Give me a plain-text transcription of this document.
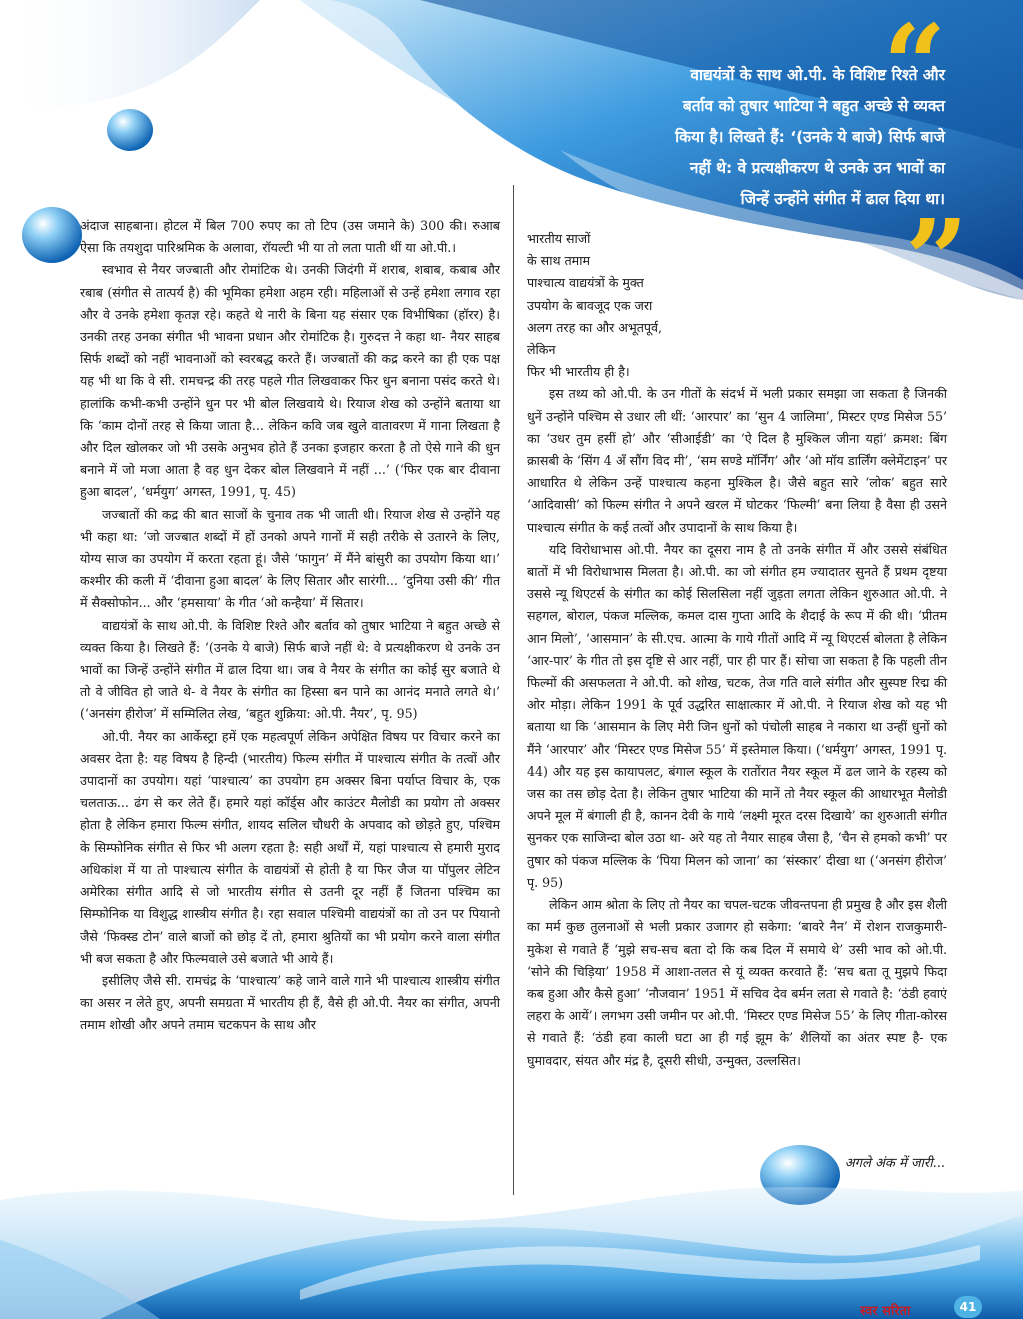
“

वाद्ययंत्रों के साथ ओ.पी. के विशिष्ट रिश्ते और

बर्ताव को तुषार भाटिया ने बहुत अच्छे से व्यक्त

किया है। लिखते हैं: ‘(उनके ये बाजे) सिर्फ बाजे

नहीं थे: वे प्रत्यक्षीकरण थे उनके उन भावों का

जिन्हें उन्होंने संगीत में ढाल दिया था।

”

अंदाज साहबाना। होटल में बिल 700 रुपए का तो टिप (उस जमाने के) 300 की। रुआब ऐसा कि तयशुदा पारिश्रमिक के अलावा, रॉयल्टी भी या तो लता पाती थीं या ओ.पी.।

स्वभाव से नैयर जज्बाती और रोमांटिक थे। उनकी जिदंगी में शराब, शबाब, कबाब और रबाब (संगीत से तात्पर्य है) की भूमिका हमेशा अहम रही। महिलाओं से उन्हें हमेशा लगाव रहा और वे उनके हमेशा कृतज्ञ रहे। कहते थे नारी के बिना यह संसार एक विभीषिका (हॉरर) है। उनकी तरह उनका संगीत भी भावना प्रधान और रोमांटिक है। गुरुदत्त ने कहा था- नैयर साहब सिर्फ शब्दों को नहीं भावनाओं को स्वरबद्ध करते हैं। जज्बातों की कद्र करने का ही एक पक्ष यह भी था कि वे सी. रामचन्द्र की तरह पहले गीत लिखवाकर फिर धुन बनाना पसंद करते थे। हालांकि कभी-कभी उन्होंने धुन पर भी बोल लिखवाये थे। रियाज शेख को उन्होंने बताया था कि ‘काम दोनों तरह से किया जाता है... लेकिन कवि जब खुले वातावरण में गाना लिखता है और दिल खोलकर जो भी उसके अनुभव होते हैं उनका इजहार करता है तो ऐसे गाने की धुन बनाने में जो मजा आता है वह धुन देकर बोल लिखवाने में नहीं ...’ (‘फिर एक बार दीवाना हुआ बादल’, ‘धर्मयुग’ अगस्त, 1991, पृ. 45)

जज्बातों की कद्र की बात साजों के चुनाव तक भी जाती थी। रियाज शेख से उन्होंने यह भी कहा था: ‘जो जज्बात शब्दों में हों उनको अपने गानों में सही तरीके से उतारने के लिए, योग्य साज का उपयोग में करता रहता हूं। जैसे ‘फागुन’ में मैंने बांसुरी का उपयोग किया था।’ कश्मीर की कली में ‘दीवाना हुआ बादल’ के लिए सितार और सारंगी... ‘दुनिया उसी की’ गीत में सैक्सोफोन... और ‘हमसाया’ के गीत ‘ओ कन्हैया’ में सितार।

वाद्ययंत्रों के साथ ओ.पी. के विशिष्ट रिश्ते और बर्ताव को तुषार भाटिया ने बहुत अच्छे से व्यक्त किया है। लिखते हैं: ‘(उनके ये बाजे) सिर्फ बाजे नहीं थे: वे प्रत्यक्षीकरण थे उनके उन भावों का जिन्हें उन्होंने संगीत में ढाल दिया था। जब वे नैयर के संगीत का कोई सुर बजाते थे तो वे जीवित हो जाते थे- वे नैयर के संगीत का हिस्सा बन पाने का आनंद मनाते लगते थे।’ (‘अनसंग हीरोज’ में सम्मिलित लेख, ‘बहुत शुक्रिया: ओ.पी. नैयर’, पृ. 95)

ओ.पी. नैयर का आर्केस्ट्रा हमें एक महत्वपूर्ण लेकिन अपेक्षित विषय पर विचार करने का अवसर देता है: यह विषय है हिन्दी (भारतीय) फिल्म संगीत में पाश्चात्य संगीत के तत्वों और उपादानों का उपयोग। यहां ‘पाश्चात्य’ का उपयोग हम अक्सर बिना पर्याप्त विचार के, एक चलताऊ... ढंग से कर लेते हैं। हमारे यहां कॉर्ड्स और काउंटर मैलोडी का प्रयोग तो अक्सर होता है लेकिन हमारा फिल्म संगीत, शायद सलिल चौधरी के अपवाद को छोड़ते हुए, पश्चिम के सिम्फोनिक संगीत से फिर भी अलग रहता है: सही अर्थों में, यहां पाश्चात्य से हमारी मुराद अधिकांश में या तो पाश्चात्य संगीत के वाद्ययंत्रों से होती है या फिर जैज या पॉपुलर लेटिन अमेरिका संगीत आदि से जो भारतीय संगीत से उतनी दूर नहीं हैं जितना पश्चिम का सिम्फोनिक या विशुद्ध शास्त्रीय संगीत है। रहा सवाल पश्चिमी वाद्ययंत्रों का तो उन पर पियानो जैसे ‘फिक्स्ड टोन’ वाले बाजों को छोड़ दें तो, हमारा श्रुतियों का भी प्रयोग करने वाला संगीत भी बज सकता है और फिल्मवाले उसे बजाते भी आये हैं।

इसीलिए जैसे सी. रामचंद्र के ‘पाश्चात्य’ कहे जाने वाले गाने भी पाश्चात्य शास्त्रीय संगीत का असर न लेते हुए, अपनी समग्रता में भारतीय ही हैं, वैसे ही ओ.पी. नैयर का संगीत, अपनी तमाम शोखी और अपने तमाम चटकपन के साथ और

भारतीय साजों

के साथ तमाम

पाश्चात्य वाद्ययंत्रों के मुक्त

उपयोग के बावजूद एक जरा

अलग तरह का और अभूतपूर्व, लेकिन

फिर भी भारतीय ही है।

इस तथ्य को ओ.पी. के उन गीतों के संदर्भ में भली प्रकार समझा जा सकता है जिनकी धुनें उन्होंने पश्चिम से उधार ली थीं: ‘आरपार’ का ‘सुन 4 जालिमा’, मिस्टर एण्ड मिसेज 55’ का ‘उधर तुम हसीं हो’ और ‘सीआईडी’ का ‘ऐ दिल है मुश्किल जीना यहां’ क्रमश: बिंग क्रासबी के ‘सिंग 4 अँ सौंग विद मी’, ‘सम सण्डे मॉर्निंग’ और ‘ओ मॉय डार्लिंग क्लेमेंटाइन’ पर आधारित थे लेकिन उन्हें पाश्चात्य कहना मुश्किल है। जैसे बहुत सारे ‘लोक’ बहुत सारे ‘आदिवासी’ को फिल्म संगीत ने अपने खरल में घोटकर ‘फिल्मी’ बना लिया है वैसा ही उसने पाश्चात्य संगीत के कई तत्वों और उपादानों के साथ किया है।

यदि विरोधाभास ओ.पी. नैयर का दूसरा नाम है तो उनके संगीत में और उससे संबंधित बातों में भी विरोधाभास मिलता है। ओ.पी. का जो संगीत हम ज्यादातर सुनते हैं प्रथम दृष्टया उससे न्यू थिएटर्स के संगीत का कोई सिलसिला नहीं जुड़ता लगता लेकिन शुरुआत ओ.पी. ने सहगल, बोराल, पंकज मल्लिक, कमल दास गुप्ता आदि के शैदाई के रूप में की थी। ‘प्रीतम आन मिलो’, ‘आसमान’ के सी.एच. आत्मा के गाये गीतों आदि में न्यू थिएटर्स बोलता है लेकिन ‘आर-पार’ के गीत तो इस दृष्टि से आर नहीं, पार ही पार हैं। सोचा जा सकता है कि पहली तीन फिल्मों की असफलता ने ओ.पी. को शोख, चटक, तेज गति वाले संगीत और सुस्पष्ट रिद्म की ओर मोड़ा। लेकिन 1991 के पूर्व उद्धरित साक्षात्कार में ओ.पी. ने रियाज शेख को यह भी बताया था कि ‘आसमान के लिए मेरी जिन धुनों को पंचोली साहब ने नकारा था उन्हीं धुनों को मैंने ‘आरपार’ और ‘मिस्टर एण्ड मिसेज 55’ में इस्तेमाल किया। (‘धर्मयुग’ अगस्त, 1991 पृ. 44) और यह इस कायापलट, बंगाल स्कूल के रातोंरात नैयर स्कूल में ढल जाने के रहस्य को जस का तस छोड़ देता है। लेकिन तुषार भाटिया की मानें तो नैयर स्कूल की आधारभूत मैलोडी अपने मूल में बंगाली ही है, कानन देवी के गाये ‘लक्ष्मी मूरत दरस दिखाये’ का शुरुआती संगीत सुनकर एक साजिन्दा बोल उठा था- अरे यह तो नैयार साहब जैसा है, ‘चैन से हमको कभी’ पर तुषार को पंकज मल्लिक के ‘पिया मिलन को जाना’ का ‘संस्कार’ दीखा था (‘अनसंग हीरोज’ पृ. 95)

लेकिन आम श्रोता के लिए तो नैयर का चपल-चटक जीवन्तपना ही प्रमुख है और इस शैली का मर्म कुछ तुलनाओं से भली प्रकार उजागर हो सकेगा: ‘बावरे नैन’ में रोशन राजकुमारी-मुकेश से गवाते हैं ‘मुझे सच-सच बता दो कि कब दिल में समाये थे’ उसी भाव को ओ.पी. ‘सोने की चिड़िया’ 1958 में आशा-तलत से यूं व्यक्त करवाते हैं: ‘सच बता तू मुझपे फिदा कब हुआ और कैसे हुआ’ ‘नौजवान’ 1951 में सचिव देव बर्मन लता से गवाते है: ‘ठंडी हवाएं लहरा के आयें’। लगभग उसी जमीन पर ओ.पी. ‘मिस्टर एण्ड मिसेज 55’ के लिए गीता-कोरस से गवाते हैं: ‘ठंडी हवा काली घटा आ ही गई झूम के’ शैलियों का अंतर स्पष्ट है- एक घुमावदार, संयत और मंद्र है, दूसरी सीधी, उन्मुक्त, उल्लसित।

अगले अंक में जारी...
स्वर सरिता	41
